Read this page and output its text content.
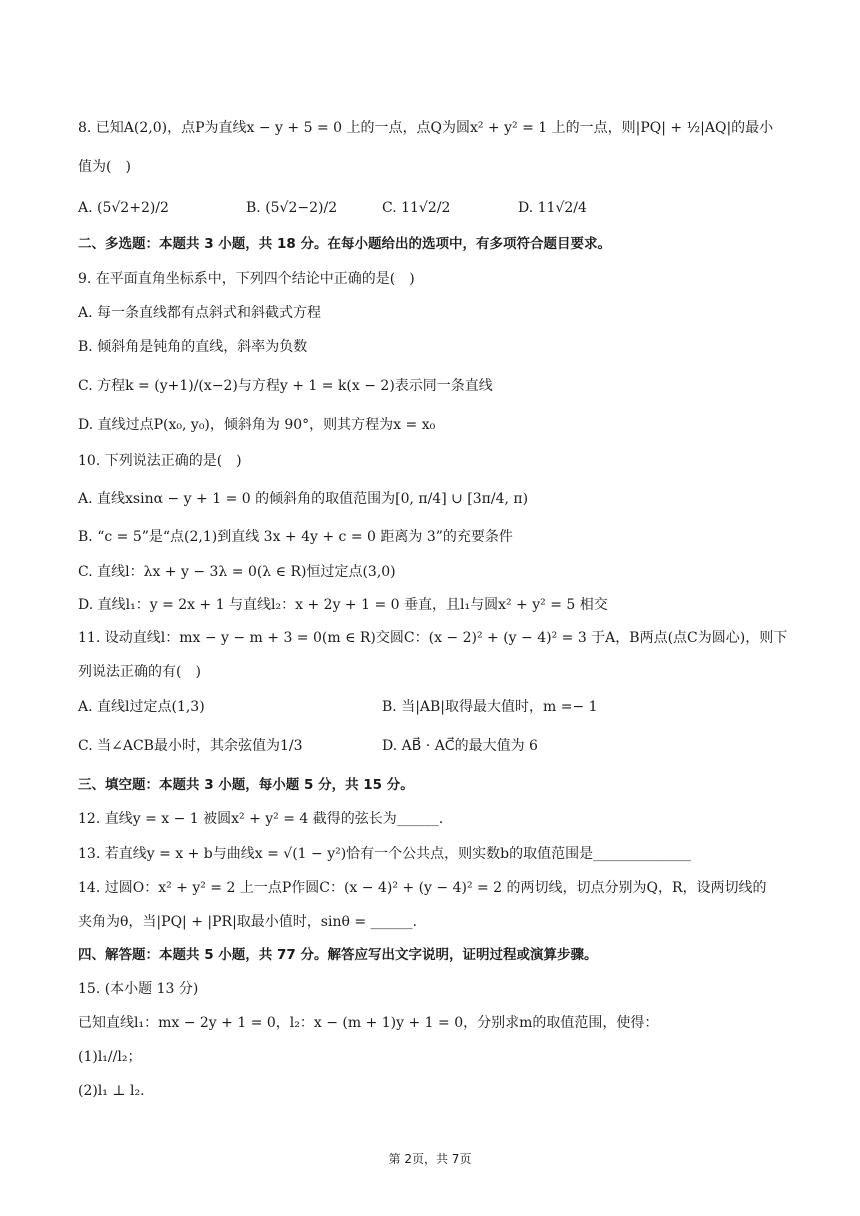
8. 已知A(2,0)，点P为直线x − y + 5 = 0 上的一点，点Q为圆x² + y² = 1 上的一点，则|PQ| + ½|AQ|的最小
值为(　)
A. (5√2+2)/2	B. (5√2−2)/2	C. 11√2/2	D. 11√2/4
二、多选题：本题共 3 小题，共 18 分。在每小题给出的选项中，有多项符合题目要求。
9. 在平面直角坐标系中，下列四个结论中正确的是(　)
A. 每一条直线都有点斜式和斜截式方程
B. 倾斜角是钝角的直线，斜率为负数
C. 方程k = (y+1)/(x−2)与方程y + 1 = k(x − 2)表示同一条直线
D. 直线过点P(x₀, y₀)，倾斜角为 90°，则其方程为x = x₀
10. 下列说法正确的是(　)
A. 直线xsinα − y + 1 = 0 的倾斜角的取值范围为[0, π/4] ∪ [3π/4, π)
B. “c = 5”是“点(2,1)到直线 3x + 4y + c = 0 距离为 3”的充要条件
C. 直线l：λx + y − 3λ = 0(λ ∈ R)恒过定点(3,0)
D. 直线l₁：y = 2x + 1 与直线l₂：x + 2y + 1 = 0 垂直，且l₁与圆x² + y² = 5 相交
11. 设动直线l：mx − y − m + 3 = 0(m ∈ R)交圆C：(x − 2)² + (y − 4)² = 3 于A，B两点(点C为圆心)，则下
列说法正确的有(　)
A. 直线l过定点(1,3)	B. 当|AB|取得最大值时，m =− 1
C. 当∠ACB最小时，其余弦值为1/3	D. AB⃗ · AC⃗的最大值为 6
三、填空题：本题共 3 小题，每小题 5 分，共 15 分。
12. 直线y = x − 1 被圆x² + y² = 4 截得的弦长为______.
13. 若直线y = x + b与曲线x = √(1 − y²)恰有一个公共点，则实数b的取值范围是______________
14. 过圆O：x² + y² = 2 上一点P作圆C：(x − 4)² + (y − 4)² = 2 的两切线，切点分别为Q，R，设两切线的
夹角为θ，当|PQ| + |PR|取最小值时，sinθ = ______.
四、解答题：本题共 5 小题，共 77 分。解答应写出文字说明，证明过程或演算步骤。
15. (本小题 13 分)
已知直线l₁：mx − 2y + 1 = 0，l₂：x − (m + 1)y + 1 = 0，分别求m的取值范围，使得：
(1)l₁//l₂；
(2)l₁ ⊥ l₂.
第 2页，共 7页
